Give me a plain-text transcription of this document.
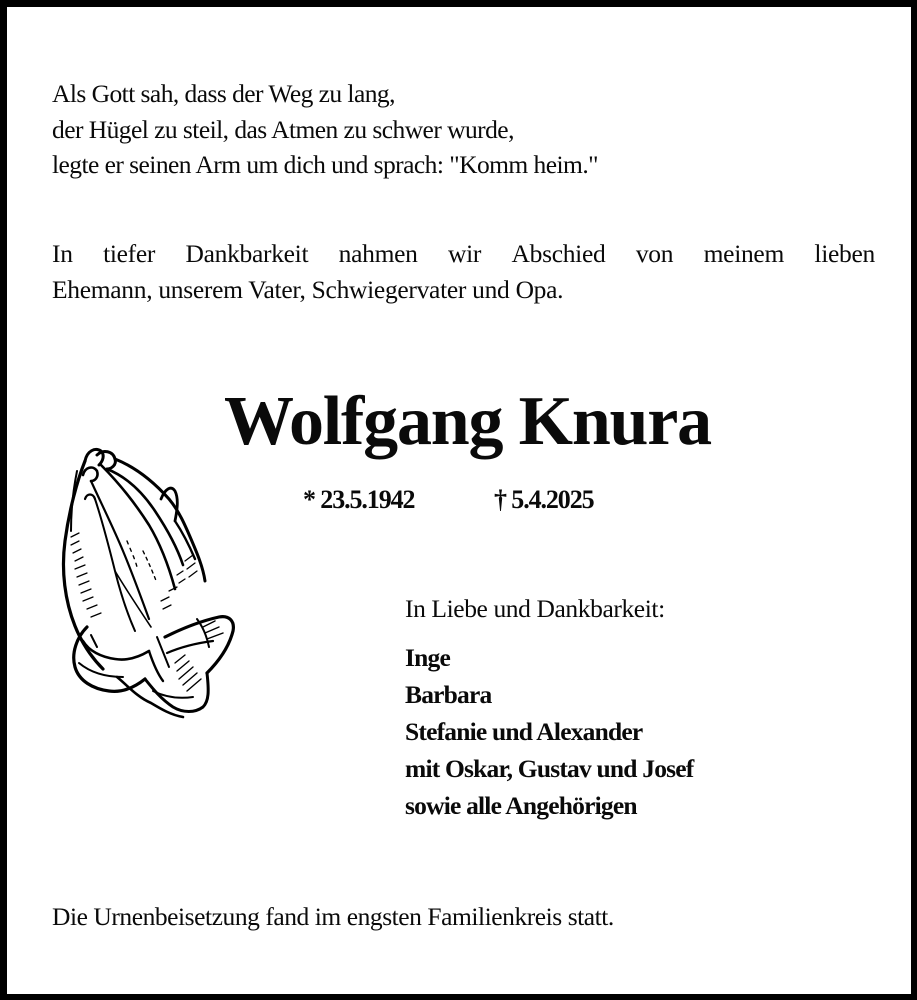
Als Gott sah, dass der Weg zu lang,
der Hügel zu steil, das Atmen zu schwer wurde,
legte er seinen Arm um dich und sprach: "Komm heim."
In tiefer Dankbarkeit nahmen wir Abschied von meinem lieben
Ehemann, unserem Vater, Schwiegervater und Opa.
Wolfgang Knura
* 23.5.1942	† 5.4.2025
In Liebe und Dankbarkeit:
Inge
Barbara
Stefanie und Alexander
mit Oskar, Gustav und Josef
sowie alle Angehörigen
Die Urnenbeisetzung fand im engsten Familienkreis statt.
